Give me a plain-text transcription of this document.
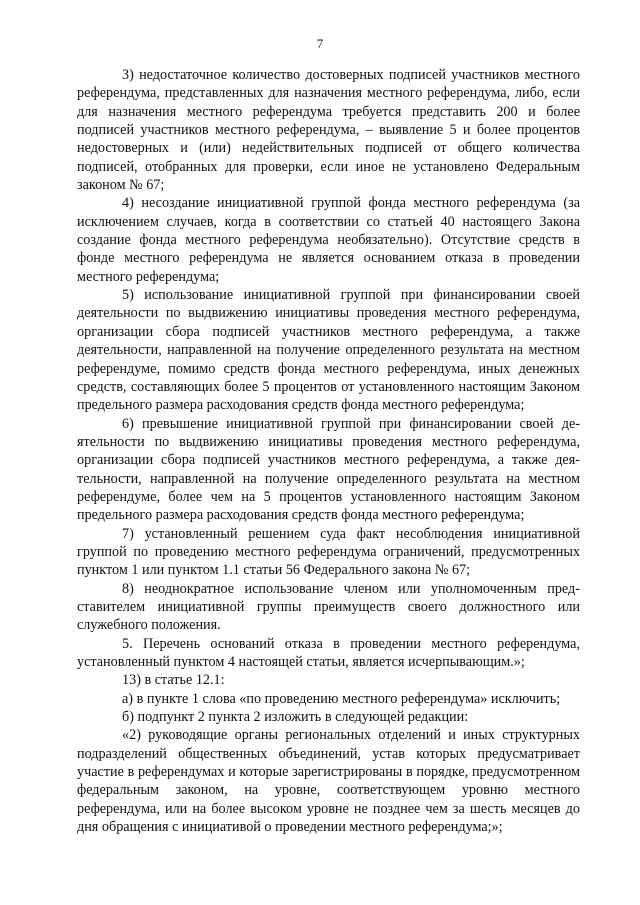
7

3) недостаточное количество достоверных подписей участников местного референдума, представленных для назначения местного референдума, либо, если для назначения местного референдума требуется представить 200 и более подписей участников местного референдума, – выявление 5 и более процентов недостоверных и (или) недействительных подписей от общего количества подписей, отобранных для проверки, если иное не установлено Федеральным законом № 67;

4) несоздание инициативной группой фонда местного референдума (за исключением случаев, когда в соответствии со статьей 40 настоящего Закона создание фонда местного референдума необязательно). Отсутствие средств в фонде местного референдума не является основанием отказа в проведении местного референдума;

5) использование инициативной группой при финансировании своей деятельности по выдвижению инициативы проведения местного референдума, организации сбора подписей участников местного референдума, а также деятельности, направленной на получение определенного результата на местном референдуме, помимо средств фонда местного референдума, иных денежных средств, составляющих более 5 процентов от установленного настоящим Законом предельного размера расходования средств фонда местного референдума;

6) превышение инициативной группой при финансировании своей деятельности по выдвижению инициативы проведения местного референдума, организации сбора подписей участников местного референдума, а также деятельности, направленной на получение определенного результата на местном референдуме, более чем на 5 процентов установленного настоящим Законом предельного размера расходования средств фонда местного референдума;

7) установленный решением суда факт несоблюдения инициативной группой по проведению местного референдума ограничений, предусмотренных пунктом 1 или пунктом 1.1 статьи 56 Федерального закона № 67;

8) неоднократное использование членом или уполномоченным представителем инициативной группы преимуществ своего должностного или служебного положения.

5. Перечень оснований отказа в проведении местного референдума, установленный пунктом 4 настоящей статьи, является исчерпывающим.»;

13) в статье 12.1:

а) в пункте 1 слова «по проведению местного референдума» исключить;

б) подпункт 2 пункта 2 изложить в следующей редакции:

«2) руководящие органы региональных отделений и иных структурных подразделений общественных объединений, устав которых предусматривает участие в референдумах и которые зарегистрированы в порядке, предусмотренном федеральным законом, на уровне, соответствующем уровню местного референдума, или на более высоком уровне не позднее чем за шесть месяцев до дня обращения с инициативой о проведении местного референдума;»;
